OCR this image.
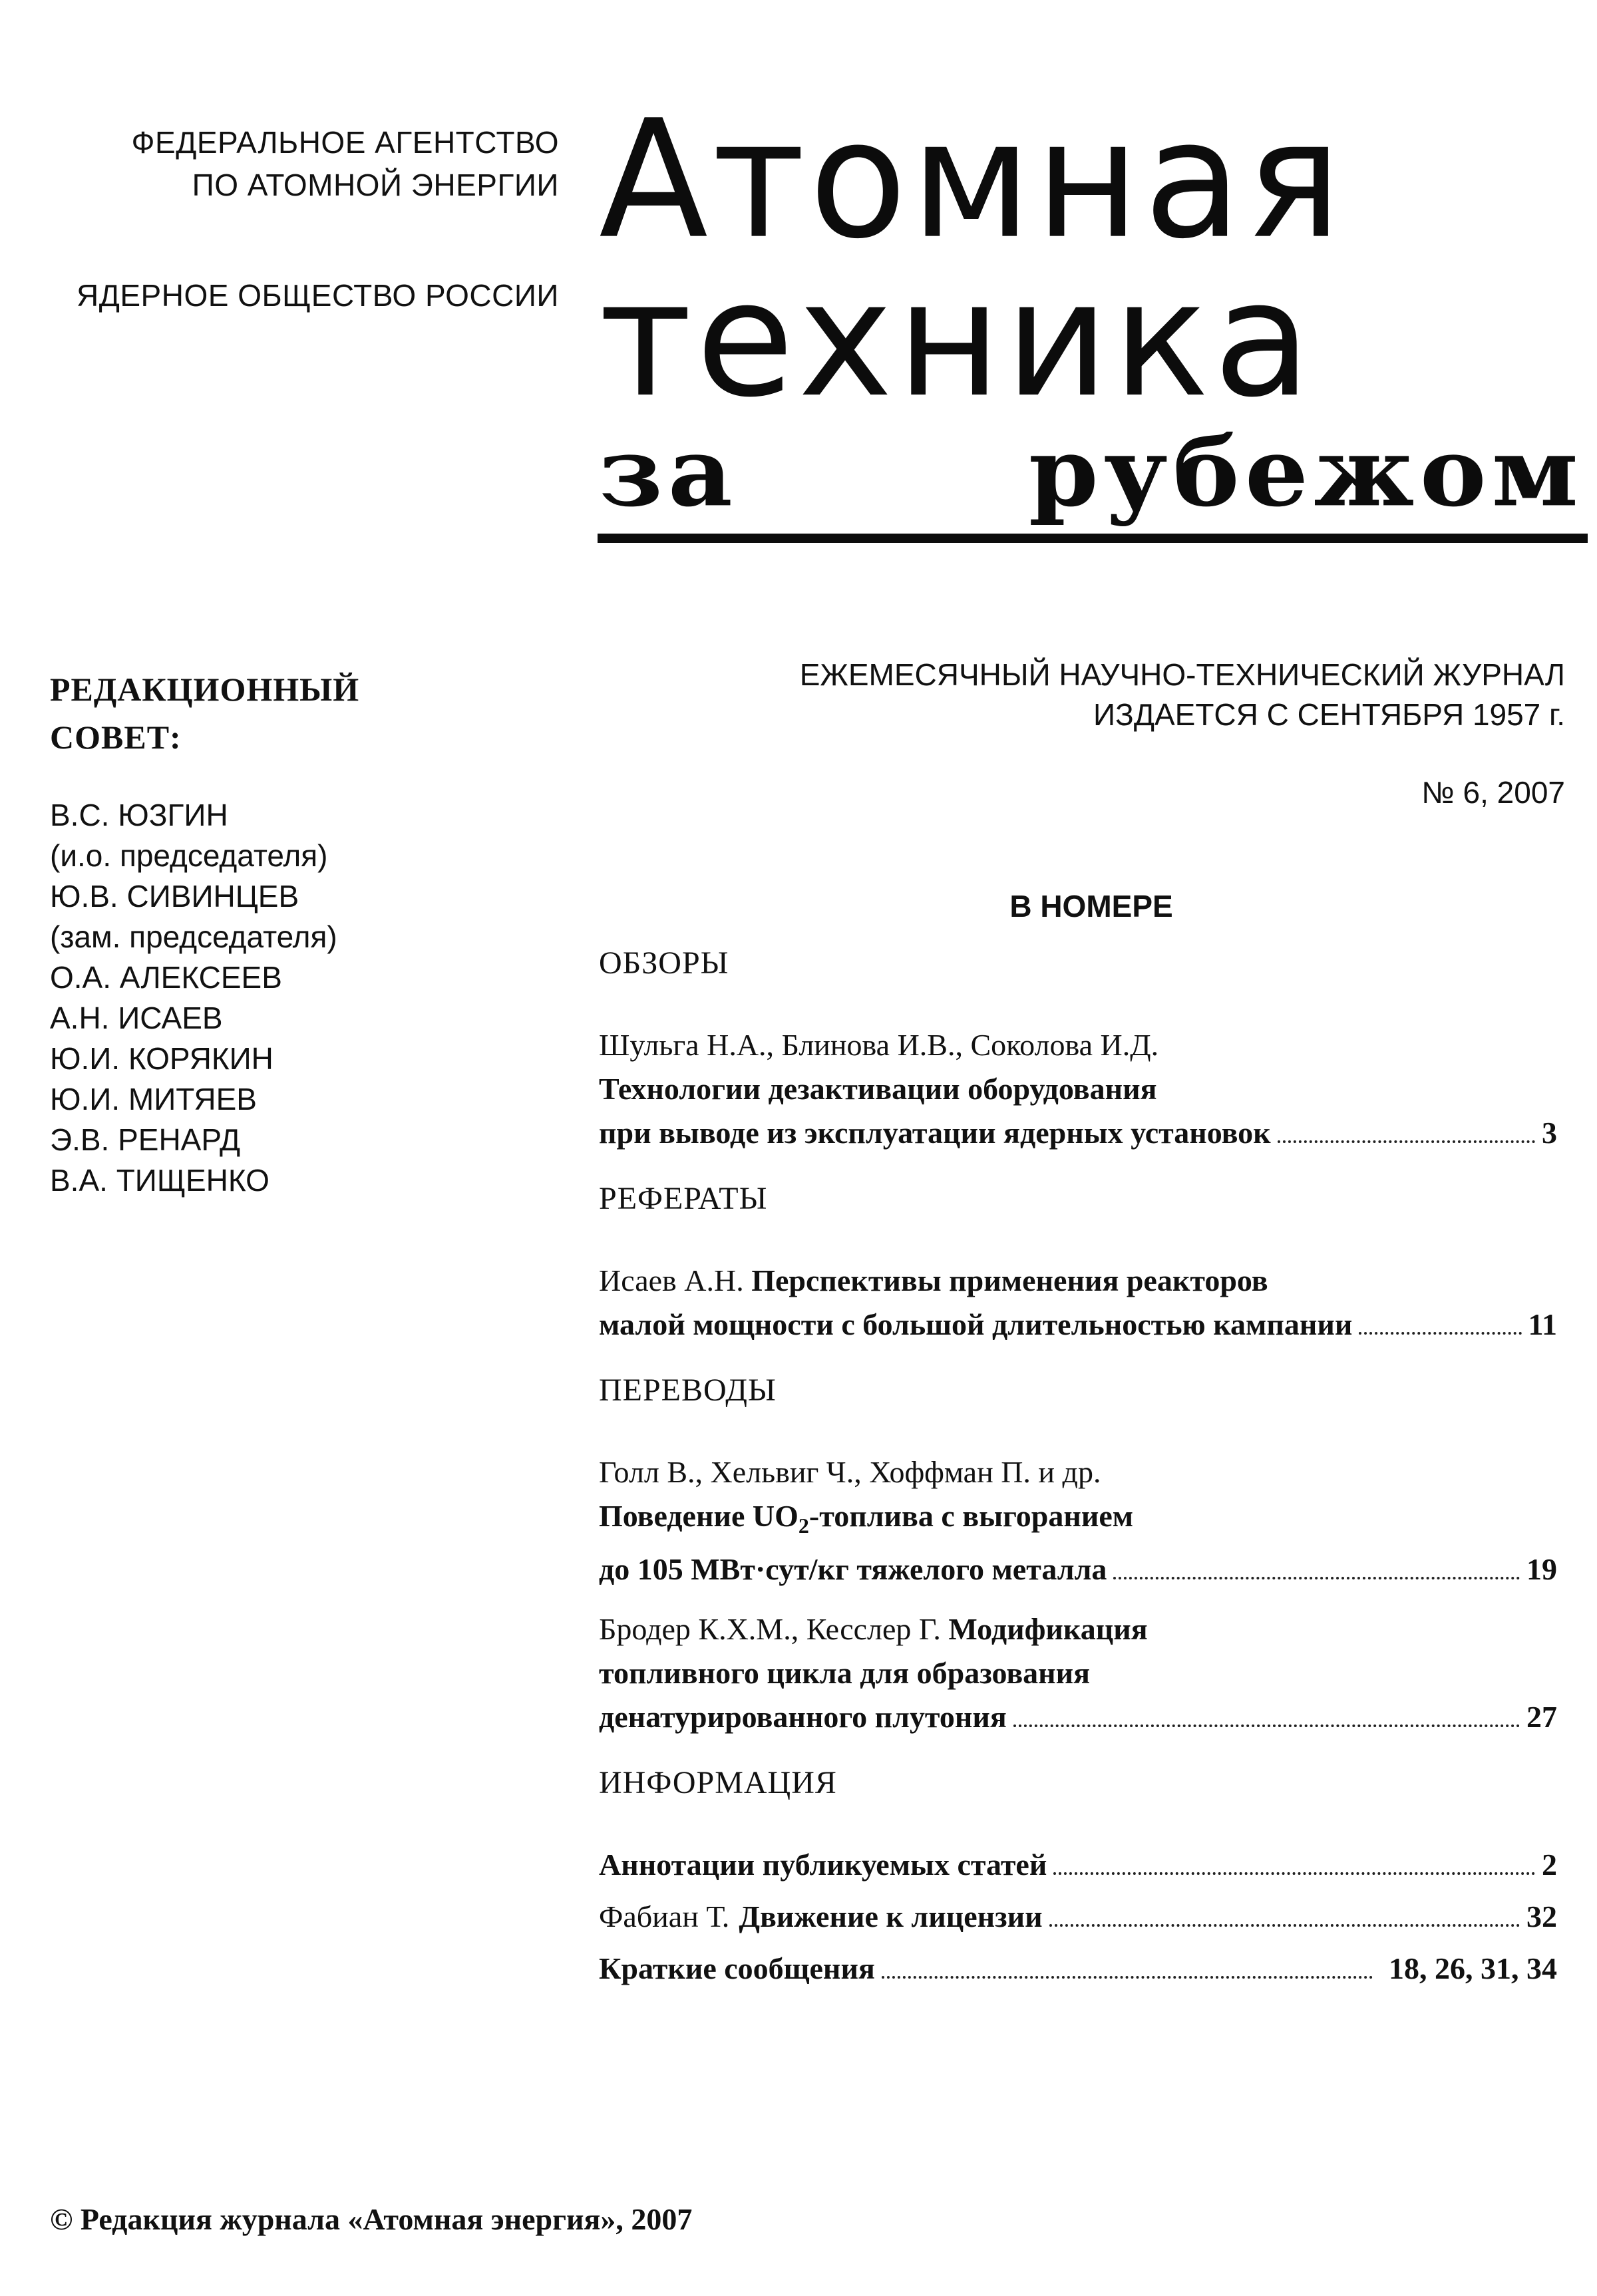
ФЕДЕРАЛЬНОЕ АГЕНТСТВО
ПО АТОМНОЙ ЭНЕРГИИ
ЯДЕРНОЕ ОБЩЕСТВО РОССИИ
Атомная
техника
за рубежом
РЕДАКЦИОННЫЙ
СОВЕТ:
В.С. ЮЗГИН
(и.о. председателя)
Ю.В. СИВИНЦЕВ
(зам. председателя)
О.А. АЛЕКСЕЕВ
А.Н. ИСАЕВ
Ю.И. КОРЯКИН
Ю.И. МИТЯЕВ
Э.В. РЕНАРД
В.А. ТИЩЕНКО
ЕЖЕМЕСЯЧНЫЙ НАУЧНО-ТЕХНИЧЕСКИЙ ЖУРНАЛ
ИЗДАЕТСЯ С СЕНТЯБРЯ 1957 г.
№ 6, 2007
В НОМЕРЕ
ОБЗОРЫ
Шульга Н.А., Блинова И.В., Соколова И.Д.
Технологии дезактивации оборудования
при выводе из эксплуатации ядерных установок	3
РЕФЕРАТЫ
Исаев А.Н. Перспективы применения реакторов
малой мощности с большой длительностью кампании	11
ПЕРЕВОДЫ
Голл В., Хельвиг Ч., Хоффман П. и др.
Поведение $UO_2$-топлива с выгоранием
до 105 МВт·сут/кг тяжелого металла	19
Бродер К.Х.М., Кесслер Г. Модификация
топливного цикла для образования
денатурированного плутония	27
ИНФОРМАЦИЯ
Аннотации публикуемых статей	2
Фабиан Т. Движение к лицензии	32
Краткие сообщения	18, 26, 31, 34
© Редакция журнала «Атомная энергия», 2007
